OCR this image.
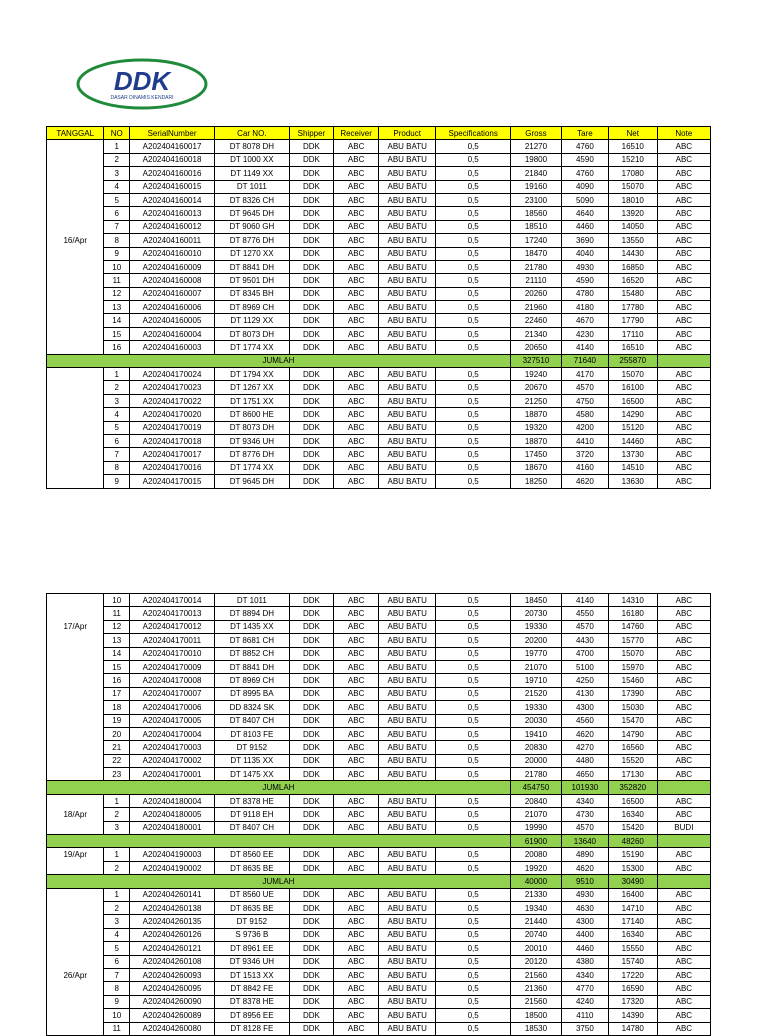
DDK
DASAR DINAMIS KENDARI
TANGGAL	NO	SerialNumber	Car NO.	Shipper	Receiver	Product	Specifications	Gross	Tare	Net	Note
	1	A202404160017	DT 8078 DH	DDK	ABC	ABU BATU	0,5	21270	4760	16510	ABC
	2	A202404160018	DT 1000 XX	DDK	ABC	ABU BATU	0,5	19800	4590	15210	ABC
	3	A202404160016	DT 1149 XX	DDK	ABC	ABU BATU	0,5	21840	4760	17080	ABC
	4	A202404160015	DT 1011	DDK	ABC	ABU BATU	0,5	19160	4090	15070	ABC
	5	A202404160014	DT 8326 CH	DDK	ABC	ABU BATU	0,5	23100	5090	18010	ABC
	6	A202404160013	DT 9645 DH	DDK	ABC	ABU BATU	0,5	18560	4640	13920	ABC
	7	A202404160012	DT 9060 GH	DDK	ABC	ABU BATU	0,5	18510	4460	14050	ABC
16/Apr	8	A202404160011	DT 8776 DH	DDK	ABC	ABU BATU	0,5	17240	3690	13550	ABC
	9	A202404160010	DT 1270 XX	DDK	ABC	ABU BATU	0,5	18470	4040	14430	ABC
	10	A202404160009	DT 8841 DH	DDK	ABC	ABU BATU	0,5	21780	4930	16850	ABC
	11	A202404160008	DT 9501 DH	DDK	ABC	ABU BATU	0,5	21110	4590	16520	ABC
	12	A202404160007	DT 8345 BH	DDK	ABC	ABU BATU	0,5	20260	4780	15480	ABC
	13	A202404160006	DT 8969 CH	DDK	ABC	ABU BATU	0,5	21960	4180	17780	ABC
	14	A202404160005	DT 1129 XX	DDK	ABC	ABU BATU	0,5	22460	4670	17790	ABC
	15	A202404160004	DT 8073 DH	DDK	ABC	ABU BATU	0,5	21340	4230	17110	ABC
	16	A202404160003	DT 1774 XX	DDK	ABC	ABU BATU	0,5	20650	4140	16510	ABC
JUMLAH								327510	71640	255870	
	1	A202404170024	DT 1794 XX	DDK	ABC	ABU BATU	0,5	19240	4170	15070	ABC
	2	A202404170023	DT 1267 XX	DDK	ABC	ABU BATU	0,5	20670	4570	16100	ABC
	3	A202404170022	DT 1751 XX	DDK	ABC	ABU BATU	0,5	21250	4750	16500	ABC
	4	A202404170020	DT 8600 HE	DDK	ABC	ABU BATU	0,5	18870	4580	14290	ABC
	5	A202404170019	DT 8073 DH	DDK	ABC	ABU BATU	0,5	19320	4200	15120	ABC
	6	A202404170018	DT 9346 UH	DDK	ABC	ABU BATU	0,5	18870	4410	14460	ABC
	7	A202404170017	DT 8776 DH	DDK	ABC	ABU BATU	0,5	17450	3720	13730	ABC
	8	A202404170016	DT 1774 XX	DDK	ABC	ABU BATU	0,5	18670	4160	14510	ABC
	9	A202404170015	DT 9645 DH	DDK	ABC	ABU BATU	0,5	18250	4620	13630	ABC
	10	A202404170014	DT 1011	DDK	ABC	ABU BATU	0,5	18450	4140	14310	ABC
	11	A202404170013	DT 8894 DH	DDK	ABC	ABU BATU	0,5	20730	4550	16180	ABC
17/Apr	12	A202404170012	DT 1435 XX	DDK	ABC	ABU BATU	0,5	19330	4570	14760	ABC
	13	A202404170011	DT 8681 CH	DDK	ABC	ABU BATU	0,5	20200	4430	15770	ABC
	14	A202404170010	DT 8852 CH	DDK	ABC	ABU BATU	0,5	19770	4700	15070	ABC
	15	A202404170009	DT 8841 DH	DDK	ABC	ABU BATU	0,5	21070	5100	15970	ABC
	16	A202404170008	DT 8969 CH	DDK	ABC	ABU BATU	0,5	19710	4250	15460	ABC
	17	A202404170007	DT 8995 BA	DDK	ABC	ABU BATU	0,5	21520	4130	17390	ABC
	18	A202404170006	DD 8324 SK	DDK	ABC	ABU BATU	0,5	19330	4300	15030	ABC
	19	A202404170005	DT 8407 CH	DDK	ABC	ABU BATU	0,5	20030	4560	15470	ABC
	20	A202404170004	DT 8103 FE	DDK	ABC	ABU BATU	0,5	19410	4620	14790	ABC
	21	A202404170003	DT 9152	DDK	ABC	ABU BATU	0,5	20830	4270	16560	ABC
	22	A202404170002	DT 1135 XX	DDK	ABC	ABU BATU	0,5	20000	4480	15520	ABC
	23	A202404170001	DT 1475 XX	DDK	ABC	ABU BATU	0,5	21780	4650	17130	ABC
JUMLAH								454750	101930	352820	
	1	A202404180004	DT 8378 HE	DDK	ABC	ABU BATU	0,5	20840	4340	16500	ABC
18/Apr	2	A202404180005	DT 9118 EH	DDK	ABC	ABU BATU	0,5	21070	4730	16340	ABC
	3	A202404180001	DT 8407 CH	DDK	ABC	ABU BATU	0,5	19990	4570	15420	BUDI
								61900	13640	48260	
19/Apr	1	A202404190003	DT 8560 EE	DDK	ABC	ABU BATU	0,5	20080	4890	15190	ABC
	2	A202404190002	DT 8635 BE	DDK	ABC	ABU BATU	0,5	19920	4620	15300	ABC
JUMLAH								40000	9510	30490	
	1	A202404260141	DT 8560 UE	DDK	ABC	ABU BATU	0,5	21330	4930	16400	ABC
	2	A202404260138	DT 8635 BE	DDK	ABC	ABU BATU	0,5	19340	4630	14710	ABC
	3	A202404260135	DT 9152	DDK	ABC	ABU BATU	0,5	21440	4300	17140	ABC
	4	A202404260126	S 9736 B	DDK	ABC	ABU BATU	0,5	20740	4400	16340	ABC
	5	A202404260121	DT 8961 EE	DDK	ABC	ABU BATU	0,5	20010	4460	15550	ABC
	6	A202404260108	DT 9346 UH	DDK	ABC	ABU BATU	0,5	20120	4380	15740	ABC
26/Apr	7	A202404260093	DT 1513 XX	DDK	ABC	ABU BATU	0,5	21560	4340	17220	ABC
	8	A202404260095	DT 8842 FE	DDK	ABC	ABU BATU	0,5	21360	4770	16590	ABC
	9	A202404260090	DT 8378 HE	DDK	ABC	ABU BATU	0,5	21560	4240	17320	ABC
	10	A202404260089	DT 8956 EE	DDK	ABC	ABU BATU	0,5	18500	4110	14390	ABC
	11	A202404260080	DT 8128 FE	DDK	ABC	ABU BATU	0,5	18530	3750	14780	ABC
